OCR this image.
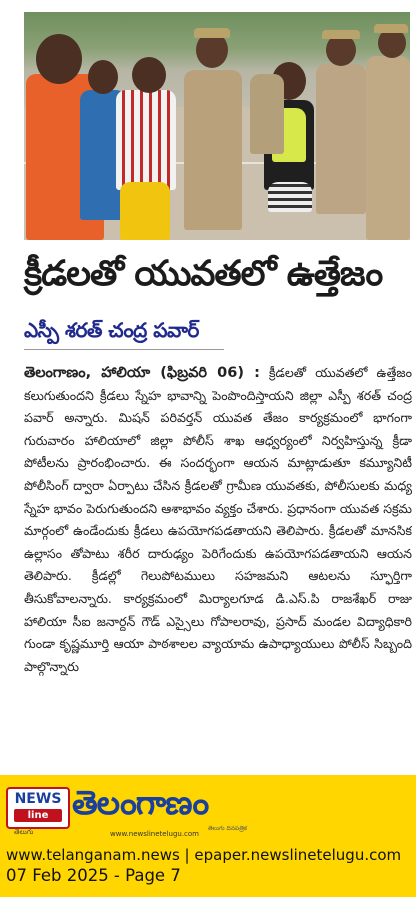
క్రీడలతో యువతలో ఉత్తేజం
ఎస్పీ శరత్ చంద్ర పవార్
తెలంగాణం, హాలియా (ఫిబ్రవరి 06) : క్రీడలతో యువతలో ఉత్తేజం కలుగుతుందని క్రీడలు స్నేహ భావాన్ని పెంపొందిస్తాయని జిల్లా ఎస్పీ శరత్ చంద్ర పవార్ అన్నారు. మిషన్ పరివర్తన్ యువత తేజం కార్యక్రమంలో భాగంగా గురువారం హాలియాలో జిల్లా పోలీస్ శాఖ ఆధ్వర్యంలో నిర్వహిస్తున్న క్రీడా పోటీలను ప్రారంభించారు. ఈ సందర్భంగా ఆయన మాట్లాడుతూ కమ్యూనిటీ పోలీసింగ్ ద్వారా ఏర్పాటు చేసిన క్రీడలతో గ్రామీణ యువతకు, పోలీసులకు మధ్య స్నేహ భావం పెరుగుతుందని ఆశాభావం వ్యక్తం చేశారు. ప్రధానంగా యువత సక్రమ మార్గంలో ఉండేందుకు క్రీడలు ఉపయోగపడతాయని తెలిపారు. క్రీడలతో మానసిక ఉల్లాసం తోపాటు శరీర దారుఢ్యం పెరిగేందుకు ఉపయోగపడతాయని ఆయన తెలిపారు. క్రీడల్లో గెలుపోటములు సహజమని ఆటలను స్ఫూర్తిగా తీసుకోవాలన్నారు. కార్యక్రమంలో మిర్యాలగూడ డి.ఎస్.పి రాజశేఖర్ రాజు హాలియా సీఐ జనార్దన్ గౌడ్ ఎస్సైలు గోపాలరావు, ప్రసాద్ మండల విద్యాధికారి గుండా కృష్ణమూర్తి ఆయా పాఠశాలల వ్యాయామ ఉపాధ్యాయులు పోలీస్ సిబ్బంది పాల్గొన్నారు
NEWS
line
తెలుగు
తెలంగాణం
www.newslinetelugu.com
తెలుగు దినపత్రిక
www.telanganam.news | epaper.newslinetelugu.com
07 Feb 2025 - Page 7
